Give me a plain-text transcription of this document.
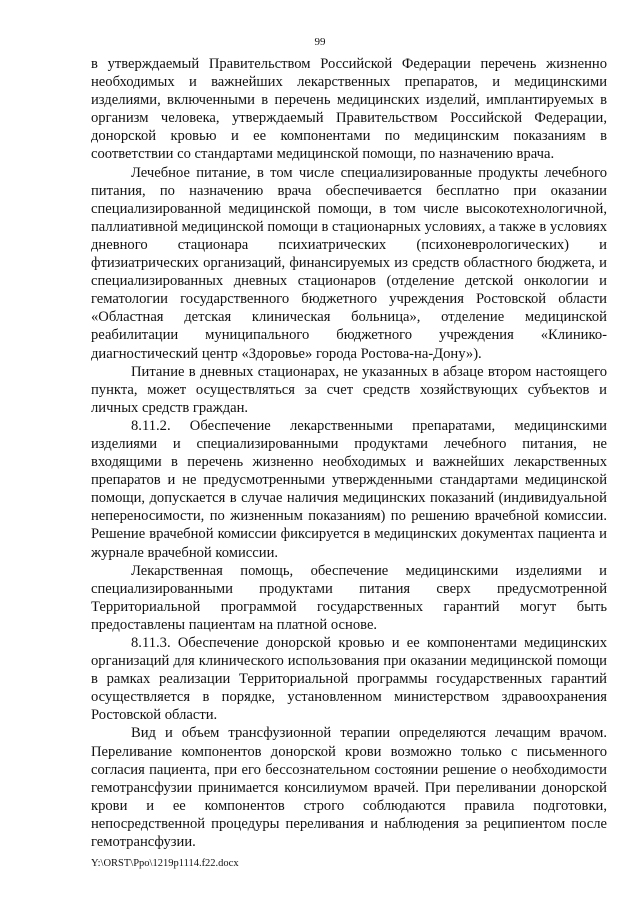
99

в утверждаемый Правительством Российской Федерации перечень жизненно необходимых и важнейших лекарственных препаратов, и медицинскими изделиями, включенными в перечень медицинских изделий, имплантируемых в организм человека, утверждаемый Правительством Российской Федерации, донорской кровью и ее компонентами по медицинским показаниям в соответствии со стандартами медицинской помощи, по назначению врача.

Лечебное питание, в том числе специализированные продукты лечебного питания, по назначению врача обеспечивается бесплатно при оказании специализированной медицинской помощи, в том числе высокотехнологичной, паллиативной медицинской помощи в стационарных условиях, а также в условиях дневного стационара психиатрических (психоневрологических) и фтизиатрических организаций, финансируемых из средств областного бюджета, и специализированных дневных стационаров (отделение детской онкологии и гематологии государственного бюджетного учреждения Ростовской области «Областная детская клиническая больница», отделение медицинской реабилитации муниципального бюджетного учреждения «Клинико-диагностический центр «Здоровье» города Ростова-на-Дону»).

Питание в дневных стационарах, не указанных в абзаце втором настоящего пункта, может осуществляться за счет средств хозяйствующих субъектов и личных средств граждан.

8.11.2. Обеспечение лекарственными препаратами, медицинскими изделиями и специализированными продуктами лечебного питания, не входящими в перечень жизненно необходимых и важнейших лекарственных препаратов и не предусмотренными утвержденными стандартами медицинской помощи, допускается в случае наличия медицинских показаний (индивидуальной непереносимости, по жизненным показаниям) по решению врачебной комиссии. Решение врачебной комиссии фиксируется в медицинских документах пациента и журнале врачебной комиссии.

Лекарственная помощь, обеспечение медицинскими изделиями и специализированными продуктами питания сверх предусмотренной Территориальной программой государственных гарантий могут быть предоставлены пациентам на платной основе.

8.11.3. Обеспечение донорской кровью и ее компонентами медицинских организаций для клинического использования при оказании медицинской помощи в рамках реализации Территориальной программы государственных гарантий осуществляется в порядке, установленном министерством здравоохранения Ростовской области.

Вид и объем трансфузионной терапии определяются лечащим врачом. Переливание компонентов донорской крови возможно только с письменного согласия пациента, при его бессознательном состоянии решение о необходимости гемотрансфузии принимается консилиумом врачей. При переливании донорской крови и ее компонентов строго соблюдаются правила подготовки, непосредственной процедуры переливания и наблюдения за реципиентом после гемотрансфузии.

Y:\ORST\Ppo\1219p1114.f22.docx
